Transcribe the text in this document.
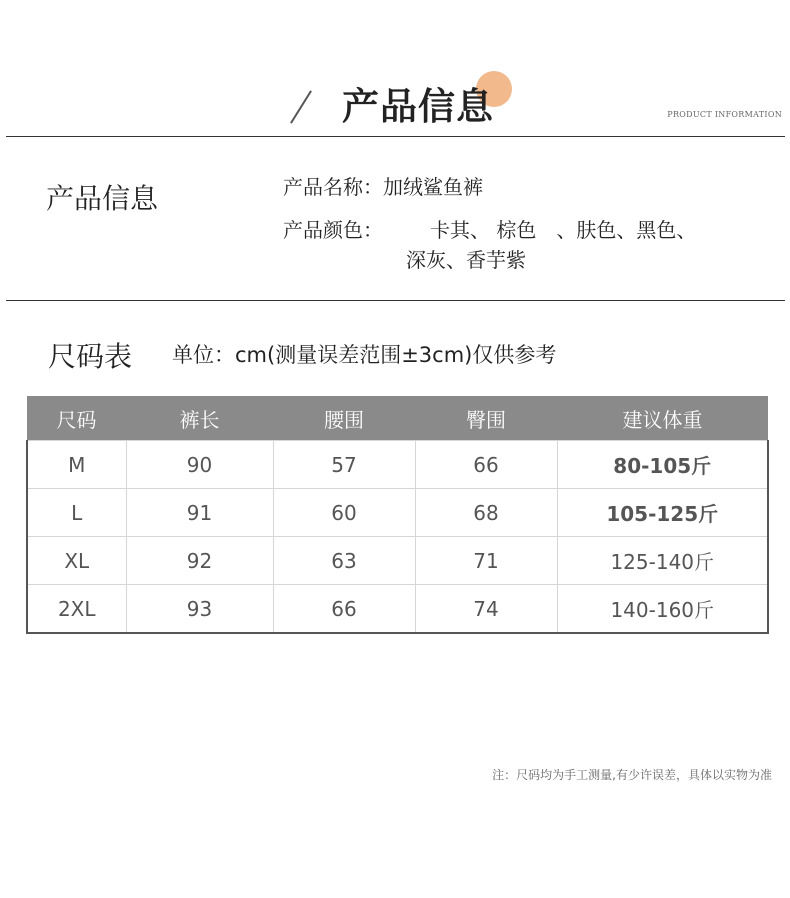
产品信息	PRODUCT INFORMATION
产品信息	产品名称：加绒鲨鱼裤
产品颜色： 卡其、 棕色　、肤色、黑色、
深灰、香芋紫
尺码表 单位：cm(测量误差范围±3cm)仅供参考
尺码	裤长	腰围	臀围	建议体重
M	90	57	66	80-105斤
L	91	60	68	105-125斤
XL	92	63	71	125-140斤
2XL	93	66	74	140-160斤
注：尺码均为手工测量,有少许误差，具体以实物为准
